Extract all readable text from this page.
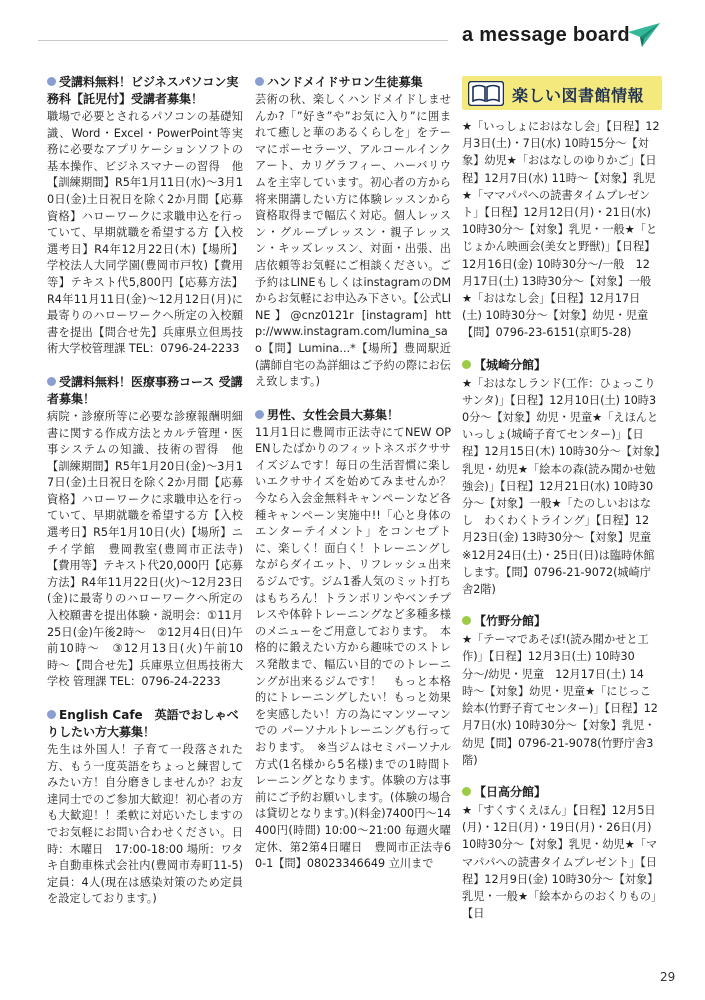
a message board
受講料無料！ビジネスパソコン実務科【託児付】受講者募集！
職場で必要とされるパソコンの基礎知識、Word・Excel・PowerPoint等実務に必要なアプリケーションソフトの基本操作、ビジネスマナーの習得　他【訓練期間】R5年1月11日(水)〜3月10日(金)土日祝日を除く2か月間【応募資格】ハローワークに求職申込を行っていて、早期就職を希望する方【入校選考日】R4年12月22日(木)【場所】学校法人大同学園(豊岡市戸牧)【費用等】テキスト代5,800円【応募方法】R4年11月11日(金)〜12月12日(月)に最寄りのハローワークへ所定の入校願書を提出【問合せ先】兵庫県立但馬技術大学校管理課 TEL：0796-24-2233
受講料無料！医療事務コース 受講者募集！
病院・診療所等に必要な診療報酬明細書に関する作成方法とカルテ管理・医事システムの知識、技術の習得　他【訓練期間】R5年1月20日(金)〜3月17日(金)土日祝日を除く2か月間【応募資格】ハローワークに求職申込を行っていて、早期就職を希望する方【入校選考日】R5年1月10日(火)【場所】ニチイ学館　豊岡教室(豊岡市正法寺)【費用等】テキスト代20,000円【応募方法】R4年11月22日(火)〜12月23日(金)に最寄りのハローワークへ所定の入校願書を提出体験・説明会：①11月25日(金)午後2時〜　②12月4日(日)午前10時〜　③12月13日(火)午前10時〜【問合せ先】兵庫県立但馬技術大学校 管理課 TEL：0796-24-2233
English Cafe　英語でおしゃべりしたい方大募集！
先生は外国人！子育て一段落された方、もう一度英語をちょっと練習してみたい方！自分磨きしませんか？お友達同士でのご参加大歓迎！初心者の方も大歓迎！！柔軟に対応いたしますのでお気軽にお問い合わせください。日時：木曜日　17:00-18:00 場所：ワタキ自動車株式会社内(豊岡市寿町11-5) 定員：4人(現在は感染対策のため定員を設定しております。)
ハンドメイドサロン生徒募集
芸術の秋、楽しくハンドメイドしませんか?「”好き”や”お気に入り”に囲まれて癒しと華のあるくらしを」をテーマにポーセラーツ、アルコールインクアート、カリグラフィー、ハーバリウムを主宰しています。初心者の方から将来開講したい方に体験レッスンから資格取得まで幅広く対応。個人レッスン・グループレッスン・親子レッスン・キッズレッスン、対面・出張、出店依頼等お気軽にご相談ください。ご予約はLINEもしくはinstagramのDMからお気軽にお申込み下さい。【公式LINE】@cnz0121r [instagram] http://www.instagram.com/lumina_sao【問】Lumina...*【場所】豊岡駅近(講師自宅の為詳細はご予約の際にお伝え致します。)
男性、女性会員大募集！
11月1日に豊岡市正法寺にてNEW OPENしたばかりのフィットネスボクササイズジムです！毎日の生活習慣に楽しいエクササイズを始めてみませんか？今なら入会金無料キャンペーンなど各種キャンペーン実施中!!「心と身体のエンターテイメント」をコンセプトに、楽しく！面白く！トレーニングしながらダイエット、リフレッシュ出来るジムです。ジム1番人気のミット打ちはもちろん！トランポリンやベンチプレスや体幹トレーニングなど多種多様のメニューをご用意しております。　本格的に鍛えたい方から趣味でのストレス発散まで、幅広い目的でのトレーニングが出来るジムです！　もっと本格的にトレーニングしたい！もっと効果を実感したい！方の為にマンツーマンでの パーソナルトレーニングも行っております。　※当ジムはセミパーソナル方式(1名様から5名様)までの1時間トレーニングとなります。体験の方は事前にご予約お願いします。(体験の場合は貸切となります。)(料金)7400円〜14400円(時間) 10:00〜21:00 毎週火曜定休、第2第4日曜日　豊岡市正法寺60-1【問】08023346649 立川まで
楽しい図書館情報
★「いっしょにおはなし会」【日程】12月3日(土)・7日(水) 10時15分〜【対象】幼児★「おはなしのゆりかご」【日程】12月7日(水) 11時〜【対象】乳児★「ママパパへの読書タイムプレゼント」【日程】12月12日(月)・21日(水) 10時30分〜【対象】乳児・一般★「とじょかん映画会(美女と野獣)」【日程】12月16日(金) 10時30分〜/一般　12月17日(土) 13時30分〜【対象】一般★「おはなし会」【日程】12月17日(土) 10時30分〜【対象】幼児・児童【問】0796-23-6151(京町5-28)
【城崎分館】
★「おはなしランド(工作：ひょっこりサンタ)」【日程】12月10日(土) 10時30分〜【対象】幼児・児童★「えほんといっしょ(城崎子育てセンター)」【日程】12月15日(木) 10時30分〜【対象】乳児・幼児★「絵本の森(読み聞かせ勉強会)」【日程】12月21日(水) 10時30分〜【対象】一般★「たのしいおはなし　わくわくトライング」【日程】12月23日(金) 13時30分〜【対象】児童※12月24日(土)・25日(日)は臨時休館します。【問】0796-21-9072(城崎庁舎2階)
【竹野分館】
★「テーマであそぼ!(読み聞かせと工作)」【日程】12月3日(土) 10時30分〜/幼児・児童　12月17日(土) 14時〜【対象】幼児・児童★「にじっこ絵本(竹野子育てセンター)」【日程】12月7日(水) 10時30分〜【対象】乳児・幼児【問】0796-21-9078(竹野庁舎3階)
【日高分館】
★「すくすくえほん」【日程】12月5日(月)・12日(月)・19日(月)・26日(月) 10時30分〜【対象】乳児・幼児★「ママパパへの読書タイムプレゼント」【日程】12月9日(金) 10時30分〜【対象】乳児・一般★「絵本からのおくりもの」【日
29
